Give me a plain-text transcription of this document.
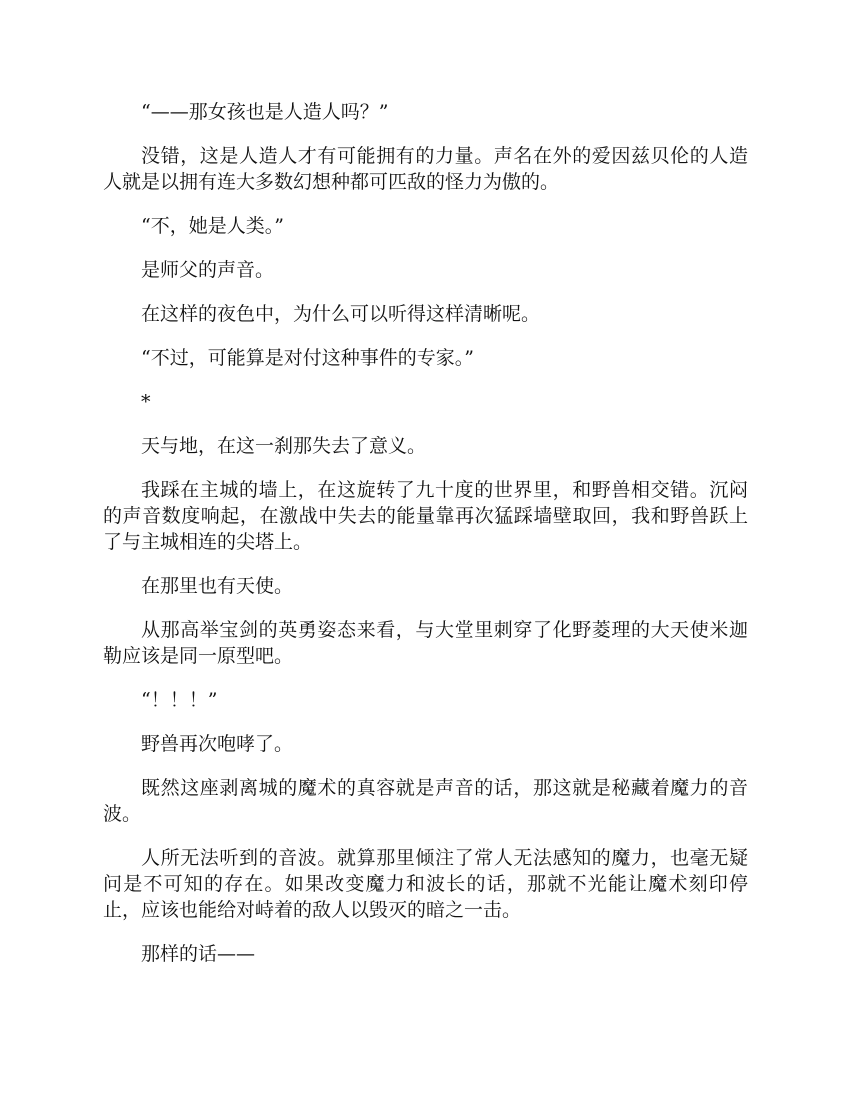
“——那女孩也是人造人吗？”

没错，这是人造人才有可能拥有的力量。声名在外的爱因兹贝伦的人造人就是以拥有连大多数幻想种都可匹敌的怪力为傲的。

“不，她是人类。”

是师父的声音。

在这样的夜色中，为什么可以听得这样清晰呢。

“不过，可能算是对付这种事件的专家。”

*

天与地，在这一刹那失去了意义。

我踩在主城的墙上，在这旋转了九十度的世界里，和野兽相交错。沉闷的声音数度响起，在激战中失去的能量靠再次猛踩墙壁取回，我和野兽跃上了与主城相连的尖塔上。

在那里也有天使。

从那高举宝剑的英勇姿态来看，与大堂里刺穿了化野菱理的大天使米迦勒应该是同一原型吧。

“！！！”

野兽再次咆哮了。

既然这座剥离城的魔术的真容就是声音的话，那这就是秘藏着魔力的音波。

人所无法听到的音波。就算那里倾注了常人无法感知的魔力，也毫无疑问是不可知的存在。如果改变魔力和波长的话，那就不光能让魔术刻印停止，应该也能给对峙着的敌人以毁灭的暗之一击。

那样的话——
